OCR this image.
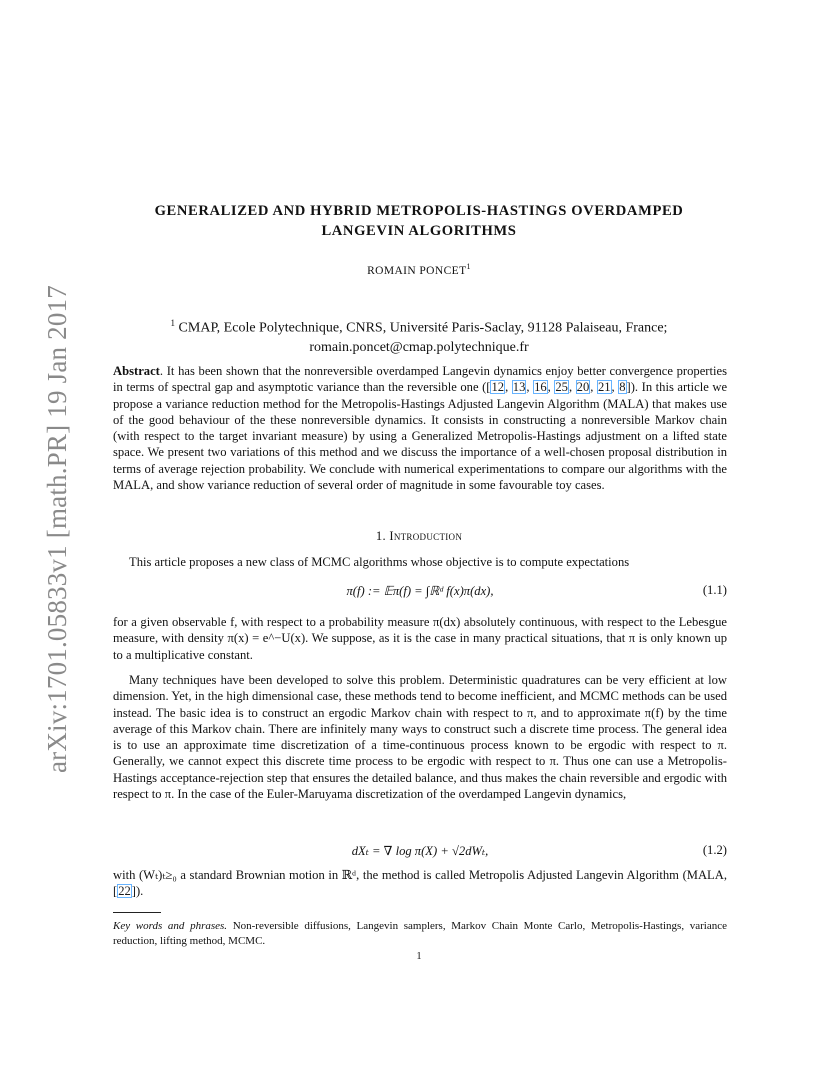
arXiv:1701.05833v1 [math.PR] 19 Jan 2017
GENERALIZED AND HYBRID METROPOLIS-HASTINGS OVERDAMPED
LANGEVIN ALGORITHMS
ROMAIN PONCET$^1$
$^1$ CMAP, Ecole Polytechnique, CNRS, Université Paris-Saclay, 91128 Palaiseau, France;
romain.poncet@cmap.polytechnique.fr
Abstract. It has been shown that the nonreversible overdamped Langevin dynamics enjoy better convergence properties in terms of spectral gap and asymptotic variance than the reversible one ([12, 13, 16, 25, 20, 21, 8]). In this article we propose a variance reduction method for the Metropolis-Hastings Adjusted Langevin Algorithm (MALA) that makes use of the good behaviour of the these nonreversible dynamics. It consists in constructing a nonreversible Markov chain (with respect to the target invariant measure) by using a Generalized Metropolis-Hastings adjustment on a lifted state space. We present two variations of this method and we discuss the importance of a well-chosen proposal distribution in terms of average rejection probability. We conclude with numerical experimentations to compare our algorithms with the MALA, and show variance reduction of several order of magnitude in some favourable toy cases.
1. Introduction
This article proposes a new class of MCMC algorithms whose objective is to compute expectations
π(f) := 𝔼π(f) = ∫ℝᵈ f(x)π(dx),	(1.1)
for a given observable f, with respect to a probability measure π(dx) absolutely continuous, with respect to the Lebesgue measure, with density π(x) = e^−U(x). We suppose, as it is the case in many practical situations, that π is only known up to a multiplicative constant.
Many techniques have been developed to solve this problem. Deterministic quadratures can be very efficient at low dimension. Yet, in the high dimensional case, these methods tend to become inefficient, and MCMC methods can be used instead. The basic idea is to construct an ergodic Markov chain with respect to π, and to approximate π(f) by the time average of this Markov chain. There are infinitely many ways to construct such a discrete time process. The general idea is to use an approximate time discretization of a time-continuous process known to be ergodic with respect to π. Generally, we cannot expect this discrete time process to be ergodic with respect to π. Thus one can use a Metropolis-Hastings acceptance-rejection step that ensures the detailed balance, and thus makes the chain reversible and ergodic with respect to π. In the case of the Euler-Maruyama discretization of the overdamped Langevin dynamics,
dXₜ = ∇ log π(X) + √2dWₜ,	(1.2)
with (Wₜ)ₜ≥₀ a standard Brownian motion in ℝᵈ, the method is called Metropolis Adjusted Langevin Algorithm (MALA, [22]).
Key words and phrases. Non-reversible diffusions, Langevin samplers, Markov Chain Monte Carlo, Metropolis-Hastings, variance reduction, lifting method, MCMC.
1
